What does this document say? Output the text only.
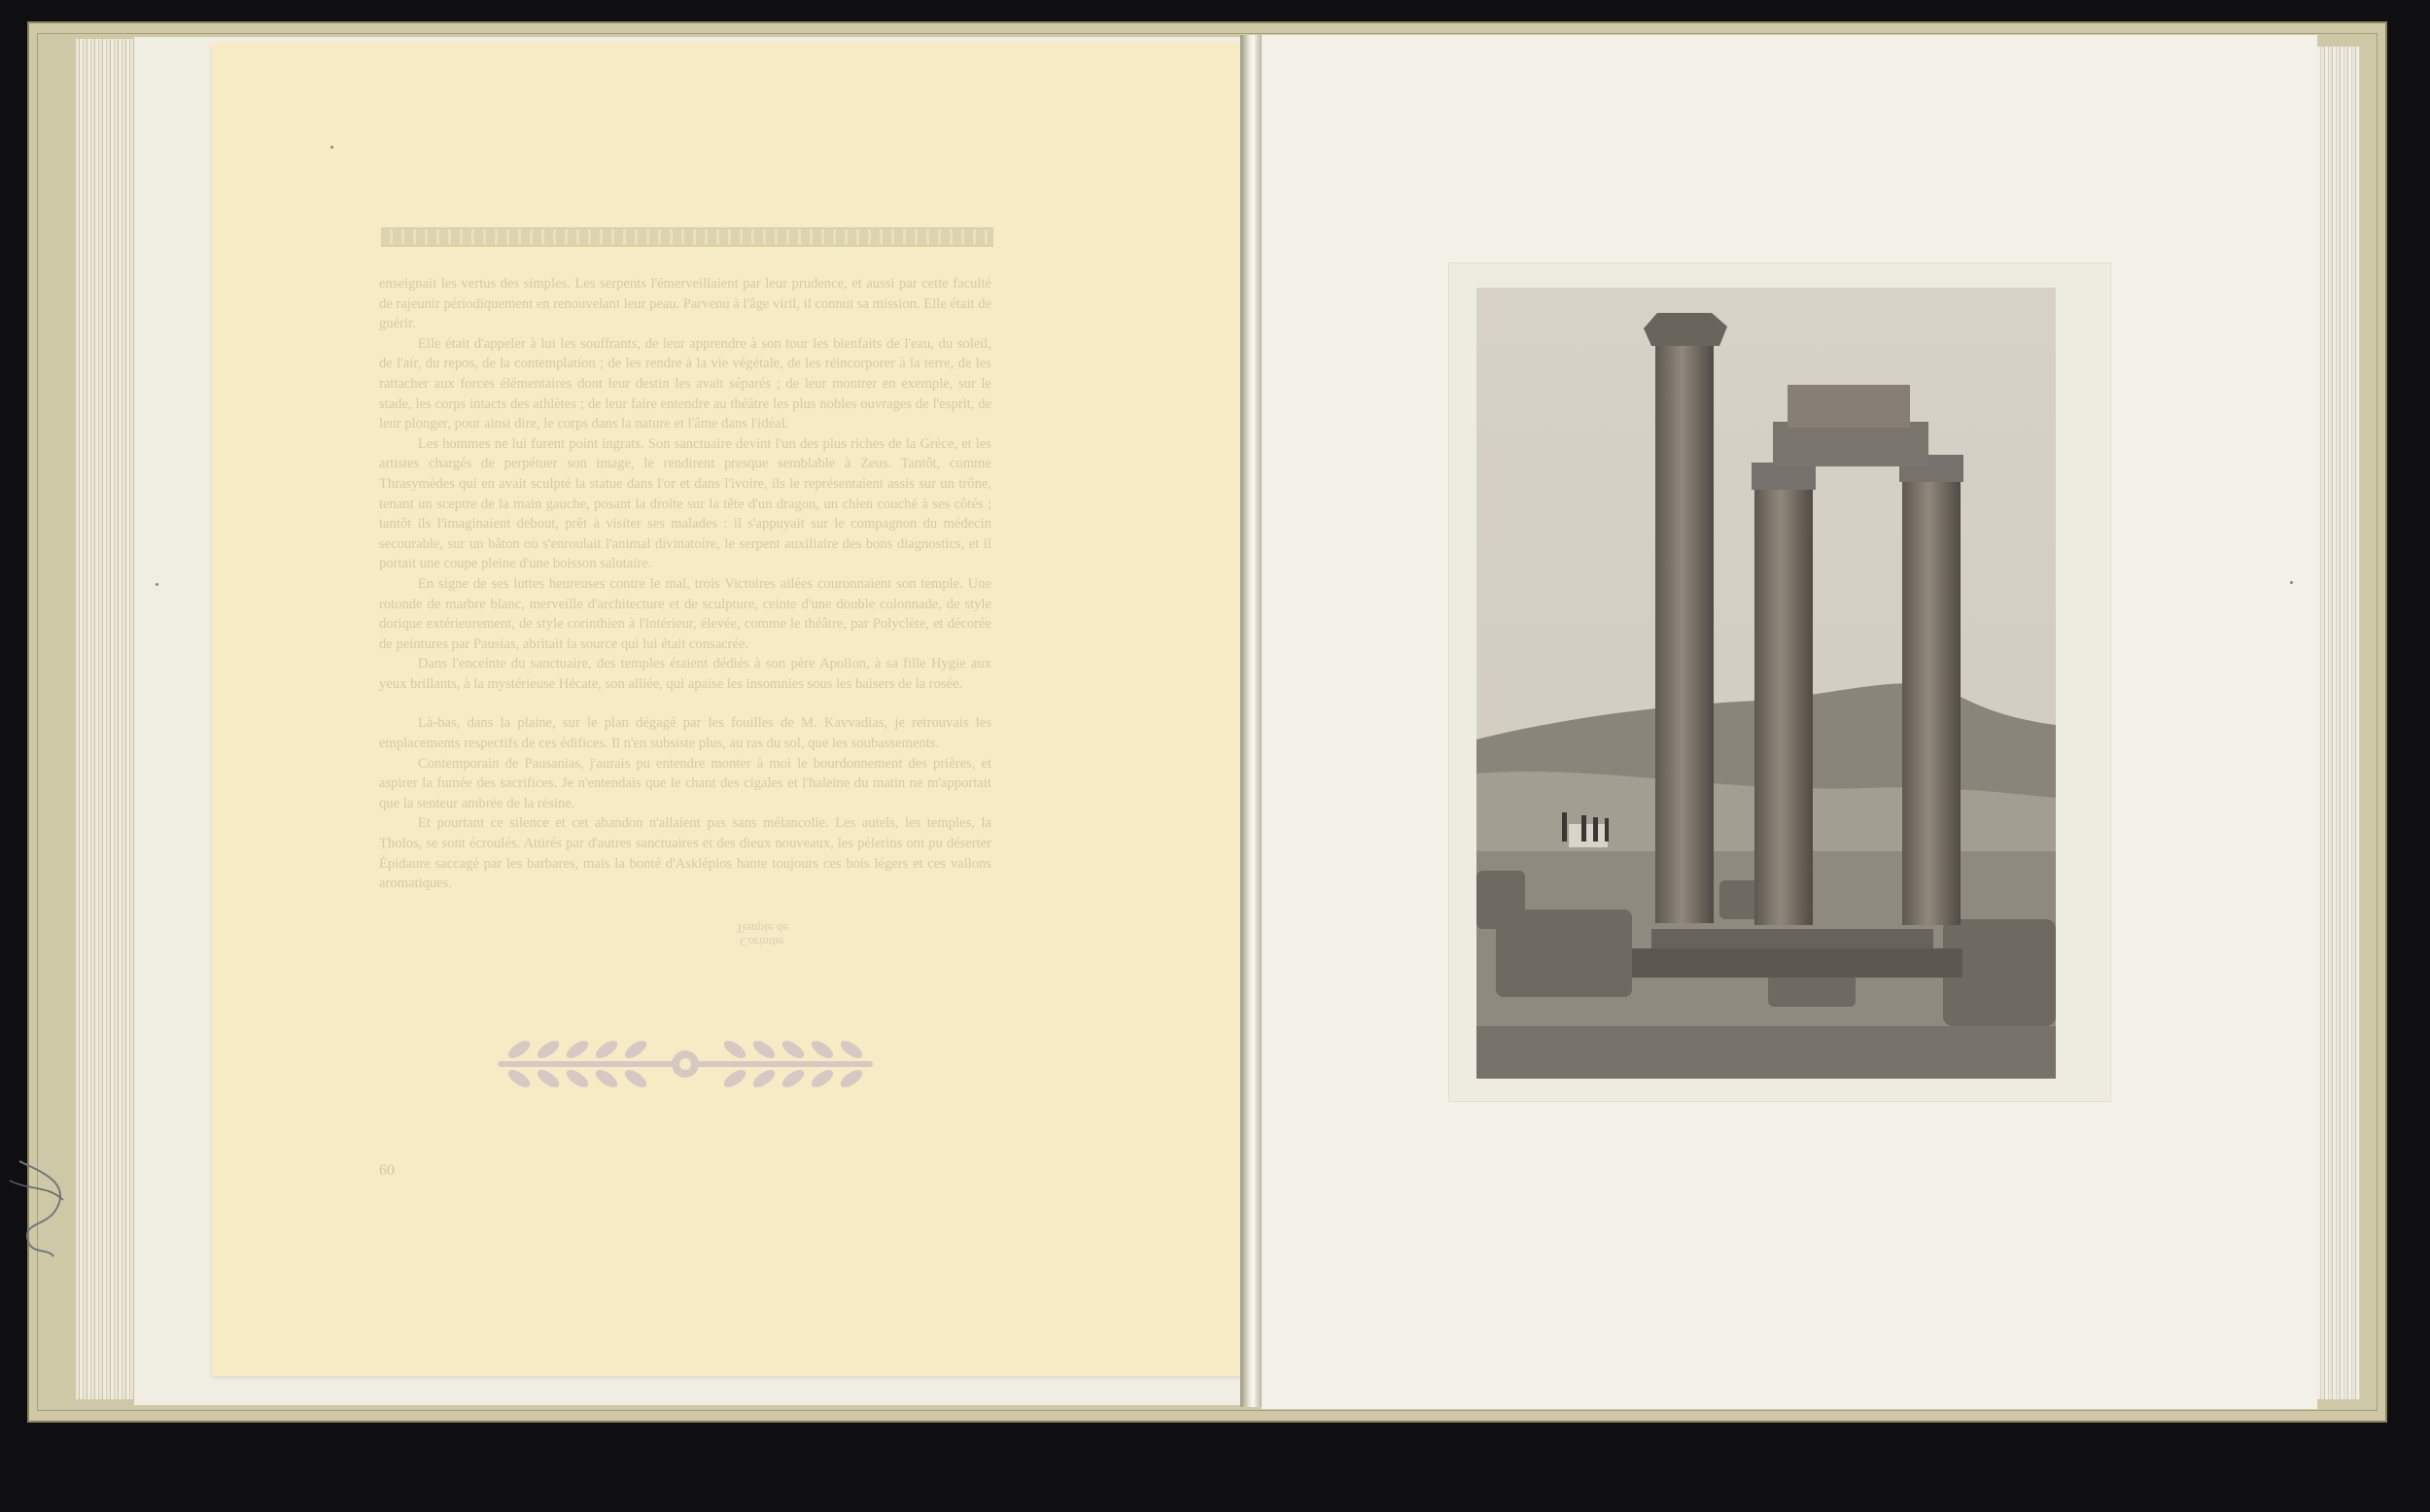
enseignait les vertus des simples. Les serpents l'émerveillaient par leur prudence, et aussi par cette faculté de rajeunir périodiquement en renouvelant leur peau. Parvenu à l'âge viril, il connut sa mission. Elle était de guérir.

Elle était d'appeler à lui les souffrants, de leur apprendre à son tour les bienfaits de l'eau, du soleil, de l'air, du repos, de la contemplation ; de les rendre à la vie végétale, de les réincorporer à la terre, de les rattacher aux forces élémentaires dont leur destin les avait séparés ; de leur montrer en exemple, sur le stade, les corps intacts des athlètes ; de leur faire entendre au théâtre les plus nobles ouvrages de l'esprit, de leur plonger, pour ainsi dire, le corps dans la nature et l'âme dans l'idéal.

Les hommes ne lui furent point ingrats. Son sanctuaire devint l'un des plus riches de la Grèce, et les artistes chargés de perpétuer son image, le rendirent presque semblable à Zeus. Tantôt, comme Thrasymèdes qui en avait sculpté la statue dans l'or et dans l'ivoire, ils le représentaient assis sur un trône, tenant un sceptre de la main gauche, posant la droite sur la tête d'un dragon, un chien couché à ses côtés ; tantôt ils l'imaginaient debout, prêt à visiter ses malades : il s'appuyait sur le compagnon du médecin secourable, sur un bâton où s'enroulait l'animal divinatoire, le serpent auxiliaire des bons diagnostics, et il portait une coupe pleine d'une boisson salutaire.

En signe de ses luttes heureuses contre le mal, trois Victoires ailées couronnaient son temple. Une rotonde de marbre blanc, merveille d'architecture et de sculpture, ceinte d'une double colonnade, de style dorique extérieurement, de style corinthien à l'intérieur, élevée, comme le théâtre, par Polyclète, et décorée de peintures par Pausias, abritait la source qui lui était consacrée.

Dans l'enceinte du sanctuaire, des temples étaient dédiés à son père Apollon, à sa fille Hygie aux yeux brillants, à la mystérieuse Hécate, son alliée, qui apaise les insomnies sous les baisers de la rosée.

Là-bas, dans la plaine, sur le plan dégagé par les fouilles de M. Kavvadias, je retrouvais les emplacements respectifs de ces édifices. Il n'en subsiste plus, au ras du sol, que les soubassements.

Contemporain de Pausanias, j'aurais pu entendre monter à moi le bourdonnement des prières, et aspirer la fumée des sacrifices. Je n'entendais que le chant des cigales et l'haleine du matin ne m'apportait que la senteur ambrée de la résine.

Et pourtant ce silence et cet abandon n'allaient pas sans mélancolie. Les autels, les temples, la Tholos, se sont écroulés. Attirés par d'autres sanctuaires et des dieux nouveaux, les pèlerins ont pu déserter Épidaure saccagé par les barbares, mais la bonté d'Asklépios hante toujours ces bois légers et ces vallons aromatiques.

Temple de
Corinthe
60
